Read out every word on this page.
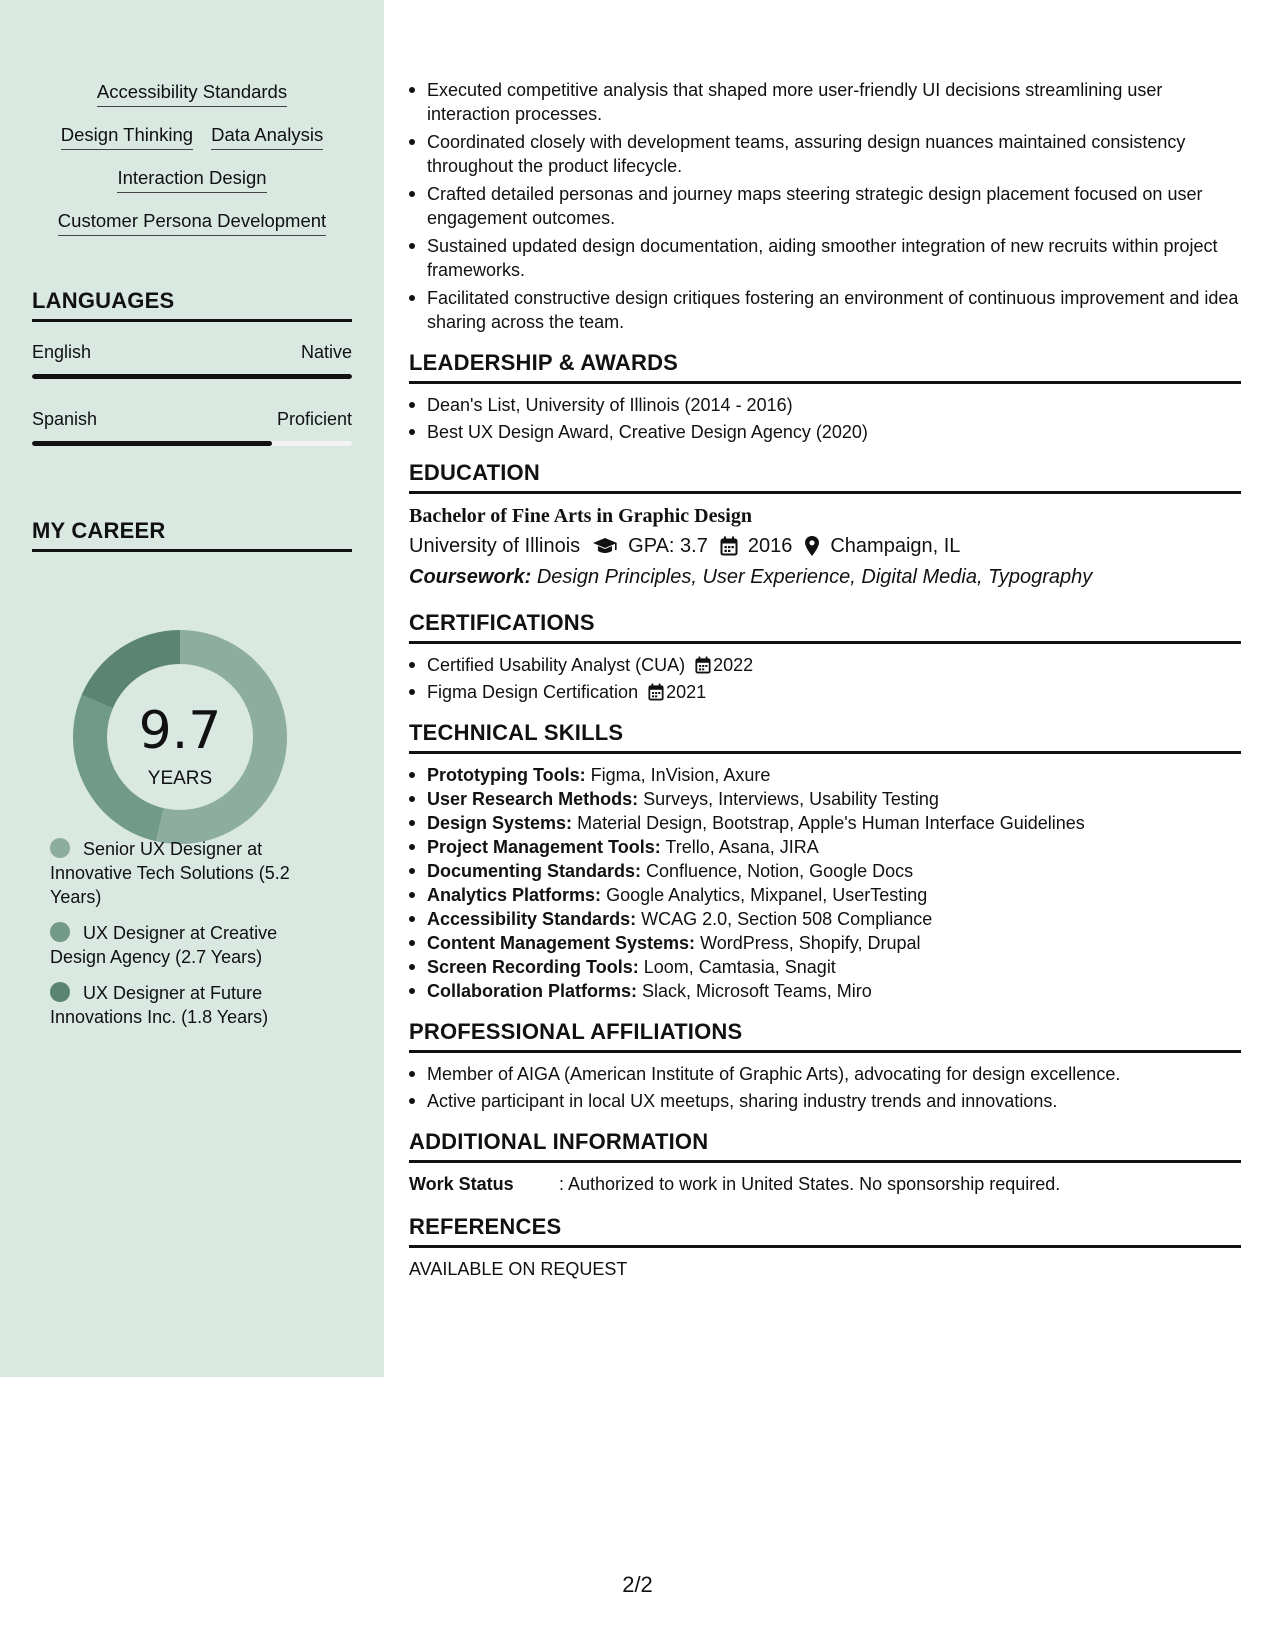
Accessibility Standards
Design Thinking Data Analysis
Interaction Design
Customer Persona Development
LANGUAGES
English	Native
Spanish	Proficient
MY CAREER
9.7
YEARS
Senior UX Designer at Innovative Tech Solutions (5.2 Years)
UX Designer at Creative Design Agency (2.7 Years)
UX Designer at Future Innovations Inc. (1.8 Years)
Executed competitive analysis that shaped more user-friendly UI decisions streamlining user interaction processes.
Coordinated closely with development teams, assuring design nuances maintained consistency throughout the product lifecycle.
Crafted detailed personas and journey maps steering strategic design placement focused on user engagement outcomes.
Sustained updated design documentation, aiding smoother integration of new recruits within project frameworks.
Facilitated constructive design critiques fostering an environment of continuous improvement and idea sharing across the team.
LEADERSHIP & AWARDS
Dean's List, University of Illinois (2014 - 2016)
Best UX Design Award, Creative Design Agency (2020)
EDUCATION
Bachelor of Fine Arts in Graphic Design
University of Illinois GPA: 3.7 2016 Champaign, IL
Coursework: Design Principles, User Experience, Digital Media, Typography
CERTIFICATIONS
Certified Usability Analyst (CUA) 2022
Figma Design Certification 2021
TECHNICAL SKILLS
Prototyping Tools: Figma, InVision, Axure
User Research Methods: Surveys, Interviews, Usability Testing
Design Systems: Material Design, Bootstrap, Apple's Human Interface Guidelines
Project Management Tools: Trello, Asana, JIRA
Documenting Standards: Confluence, Notion, Google Docs
Analytics Platforms: Google Analytics, Mixpanel, UserTesting
Accessibility Standards: WCAG 2.0, Section 508 Compliance
Content Management Systems: WordPress, Shopify, Drupal
Screen Recording Tools: Loom, Camtasia, Snagit
Collaboration Platforms: Slack, Microsoft Teams, Miro
PROFESSIONAL AFFILIATIONS
Member of AIGA (American Institute of Graphic Arts), advocating for design excellence.
Active participant in local UX meetups, sharing industry trends and innovations.
ADDITIONAL INFORMATION
Work Status	: Authorized to work in United States. No sponsorship required.
REFERENCES
AVAILABLE ON REQUEST
2/2
